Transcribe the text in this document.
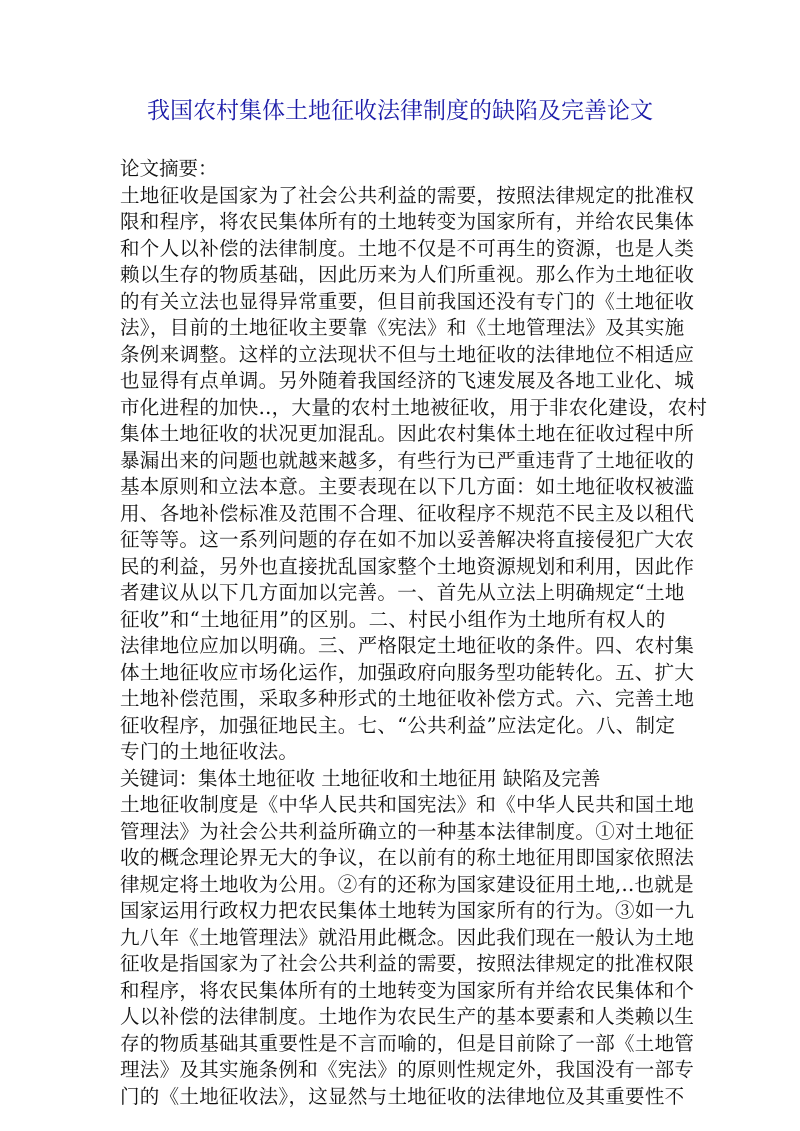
我国农村集体土地征收法律制度的缺陷及完善论文
论文摘要：
土地征收是国家为了社会公共利益的需要，按照法律规定的批准权
限和程序，将农民集体所有的土地转变为国家所有，并给农民集体
和个人以补偿的法律制度。土地不仅是不可再生的资源，也是人类
赖以生存的物质基础，因此历来为人们所重视。那么作为土地征收
的有关立法也显得异常重要，但目前我国还没有专门的《土地征收
法》，目前的土地征收主要靠《宪法》和《土地管理法》及其实施
条例来调整。这样的立法现状不但与土地征收的法律地位不相适应
也显得有点单调。另外随着我国经济的飞速发展及各地工业化、城
市化进程的加快..，大量的农村土地被征收，用于非农化建设，农村
集体土地征收的状况更加混乱。因此农村集体土地在征收过程中所
暴漏出来的问题也就越来越多，有些行为已严重违背了土地征收的
基本原则和立法本意。主要表现在以下几方面：如土地征收权被滥
用、各地补偿标准及范围不合理、征收程序不规范不民主及以租代
征等等。这一系列问题的存在如不加以妥善解决将直接侵犯广大农
民的利益，另外也直接扰乱国家整个土地资源规划和利用，因此作
者建议从以下几方面加以完善。一、首先从立法上明确规定“土地
征收”和“土地征用”的区别。二、村民小组作为土地所有权人的
法律地位应加以明确。三、严格限定土地征收的条件。四、农村集
体土地征收应市场化运作，加强政府向服务型功能转化。五、扩大
土地补偿范围，采取多种形式的土地征收补偿方式。六、完善土地
征收程序，加强征地民主。七、“公共利益”应法定化。八、制定
专门的土地征收法。
关键词：集体土地征收 土地征收和土地征用 缺陷及完善
土地征收制度是《中华人民共和国宪法》和《中华人民共和国土地
管理法》为社会公共利益所确立的一种基本法律制度。①对土地征
收的概念理论界无大的争议，在以前有的称土地征用即国家依照法
律规定将土地收为公用。②有的还称为国家建设征用土地,..也就是
国家运用行政权力把农民集体土地转为国家所有的行为。③如一九
九八年《土地管理法》就沿用此概念。因此我们现在一般认为土地
征收是指国家为了社会公共利益的需要，按照法律规定的批准权限
和程序，将农民集体所有的土地转变为国家所有并给农民集体和个
人以补偿的法律制度。土地作为农民生产的基本要素和人类赖以生
存的物质基础其重要性是不言而喻的，但是目前除了一部《土地管
理法》及其实施条例和《宪法》的原则性规定外，我国没有一部专
门的《土地征收法》，这显然与土地征收的法律地位及其重要性不
